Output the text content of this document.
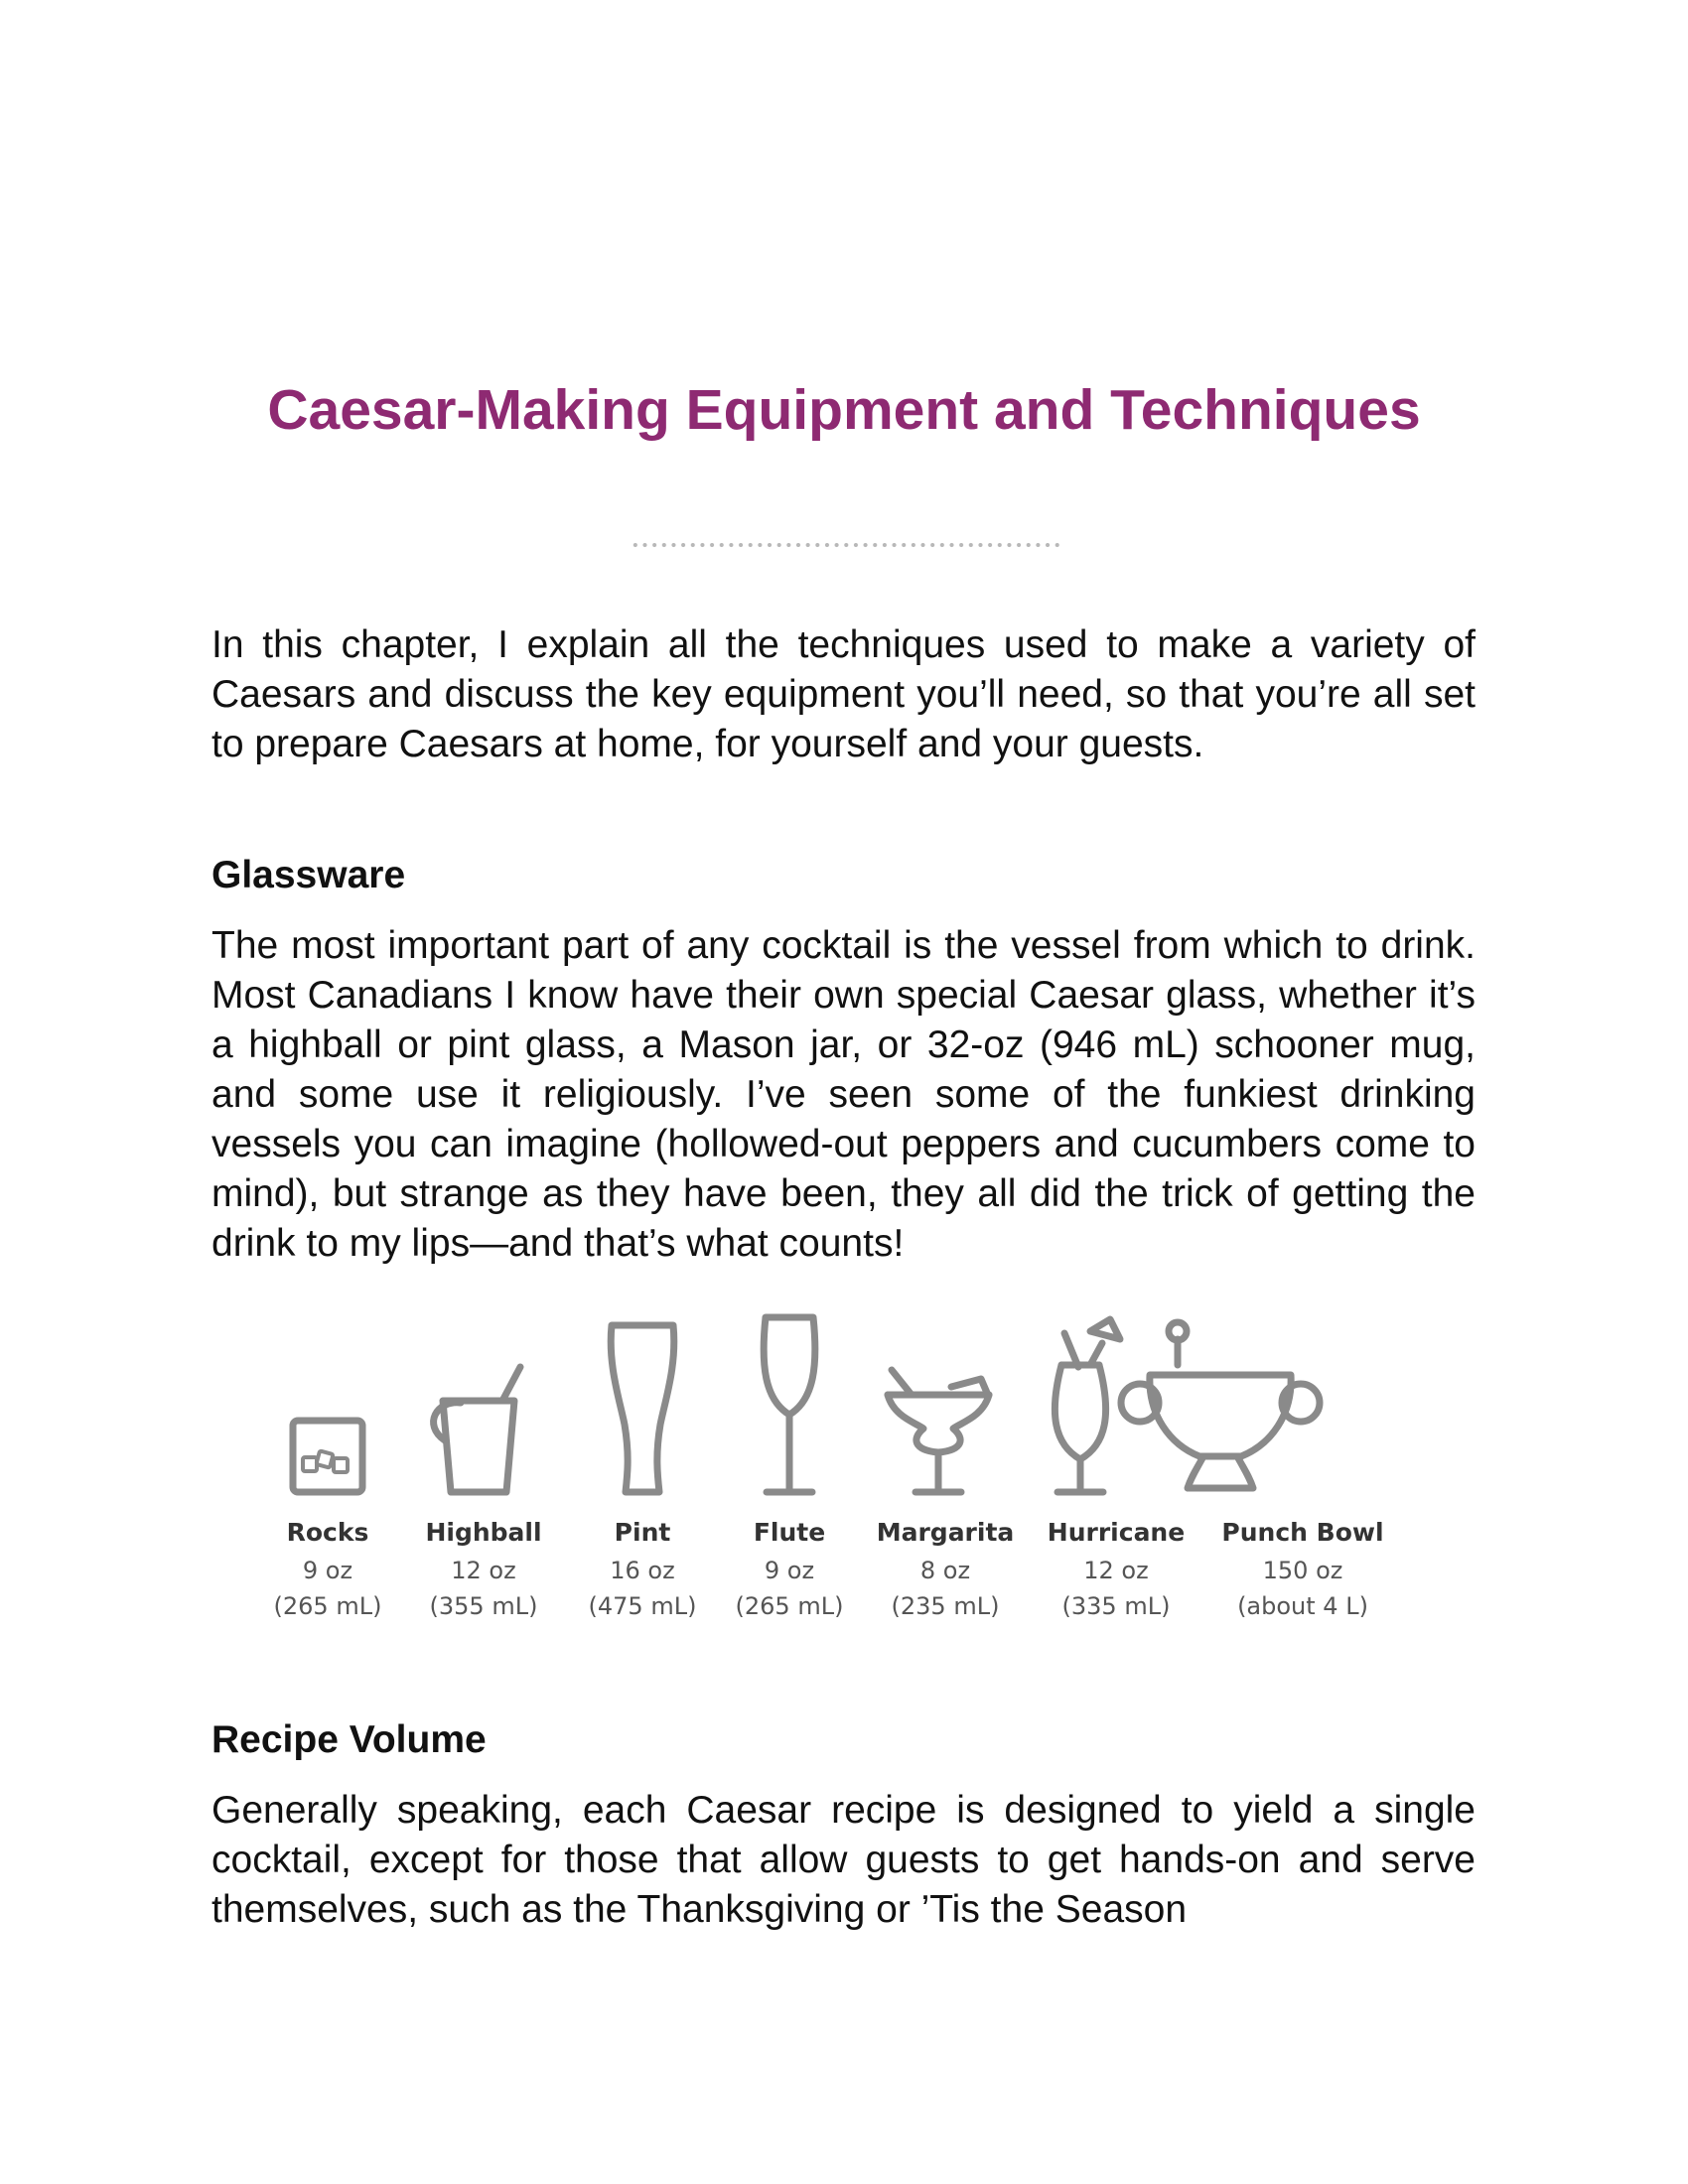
Caesar-Making Equipment and Techniques

In this chapter, I explain all the techniques used to make a variety of Caesars and discuss the key equipment you’ll need, so that you’re all set to prepare Caesars at home, for yourself and your guests.

Glassware

The most important part of any cocktail is the vessel from which to drink. Most Canadians I know have their own special Caesar glass, whether it’s a highball or pint glass, a Mason jar, or 32-oz (946 mL) schooner mug, and some use it religiously. I’ve seen some of the funkiest drinking vessels you can imagine (hollowed-out peppers and cucumbers come to mind), but strange as they have been, they all did the trick of getting the drink to my lips—and that’s what counts!

Rocks
9 oz
(265 mL)
Highball
12 oz
(355 mL)
Pint
16 oz
(475 mL)
Flute
9 oz
(265 mL)
Margarita
8 oz
(235 mL)
Hurricane
12 oz
(335 mL)
Punch Bowl
150 oz
(about 4 L)
Recipe Volume

Generally speaking, each Caesar recipe is designed to yield a single cocktail, except for those that allow guests to get hands-on and serve themselves, such as the Thanksgiving or ’Tis the Season
